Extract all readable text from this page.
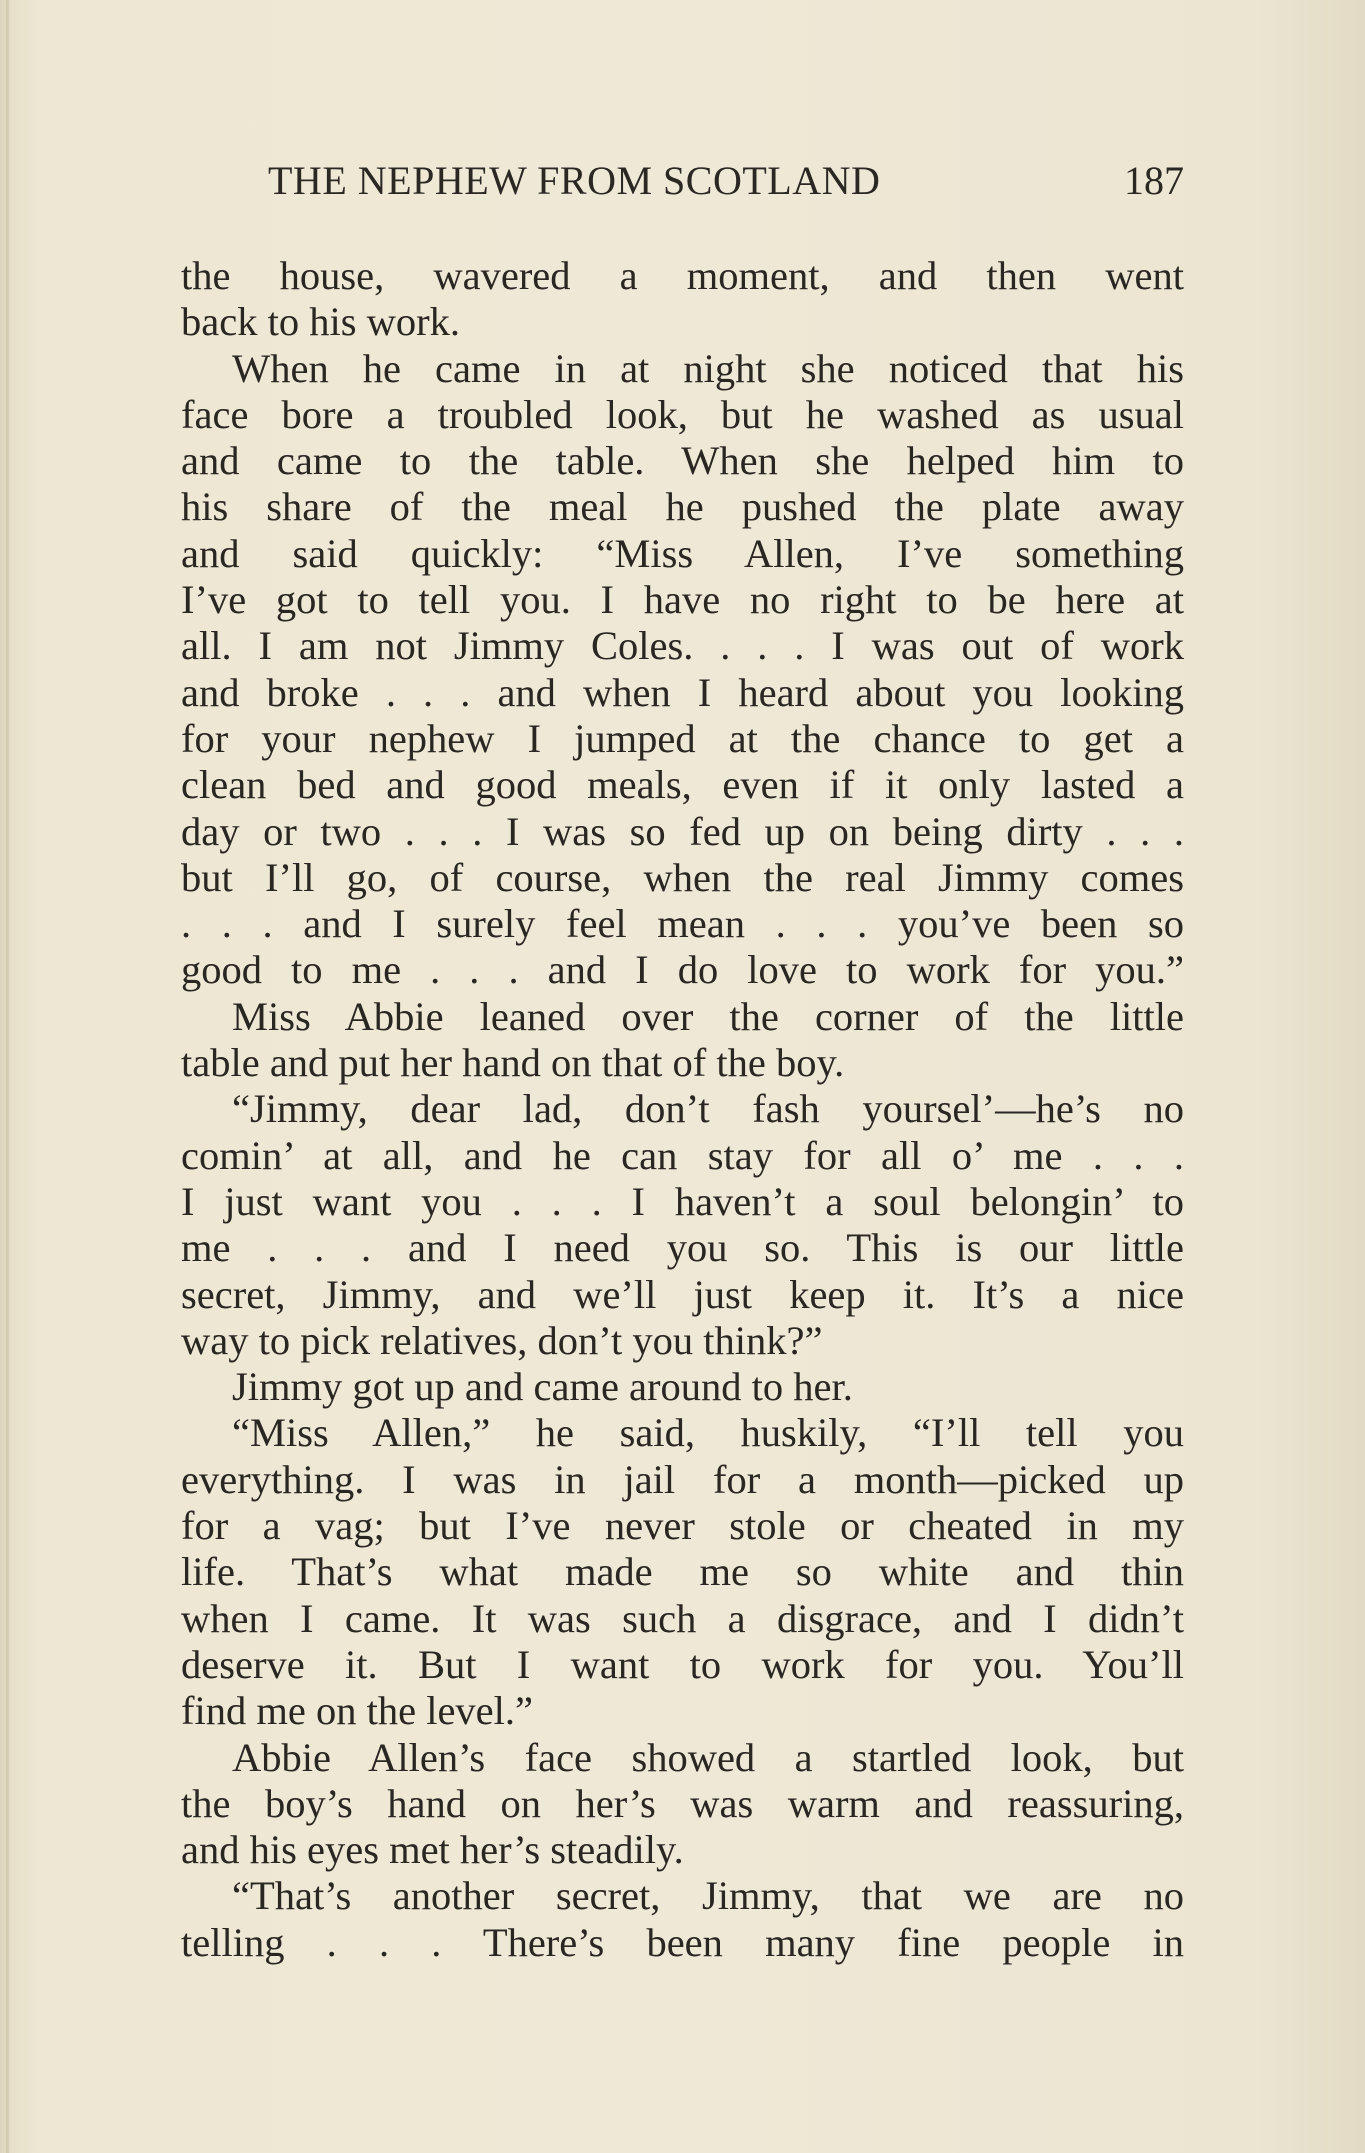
THE NEPHEW FROM SCOTLAND	187
the house, wavered a moment, and then went
back to his work.
When he came in at night she noticed that his
face bore a troubled look, but he washed as usual
and came to the table. When she helped him to
his share of the meal he pushed the plate away
and said quickly: “Miss Allen, I’ve something
I’ve got to tell you. I have no right to be here at
all. I am not Jimmy Coles. . . . I was out of work
and broke . . . and when I heard about you looking
for your nephew I jumped at the chance to get a
clean bed and good meals, even if it only lasted a
day or two . . . I was so fed up on being dirty . . .
but I’ll go, of course, when the real Jimmy comes
. . . and I surely feel mean . . . you’ve been so
good to me . . . and I do love to work for you.”
Miss Abbie leaned over the corner of the little
table and put her hand on that of the boy.
“Jimmy, dear lad, don’t fash yoursel’—he’s no
comin’ at all, and he can stay for all o’ me . . .
I just want you . . . I haven’t a soul belongin’ to
me . . . and I need you so. This is our little
secret, Jimmy, and we’ll just keep it. It’s a nice
way to pick relatives, don’t you think?”
Jimmy got up and came around to her.
“Miss Allen,” he said, huskily, “I’ll tell you
everything. I was in jail for a month—picked up
for a vag; but I’ve never stole or cheated in my
life. That’s what made me so white and thin
when I came. It was such a disgrace, and I didn’t
deserve it. But I want to work for you. You’ll
find me on the level.”
Abbie Allen’s face showed a startled look, but
the boy’s hand on her’s was warm and reassuring,
and his eyes met her’s steadily.
“That’s another secret, Jimmy, that we are no
telling . . . There’s been many fine people in
